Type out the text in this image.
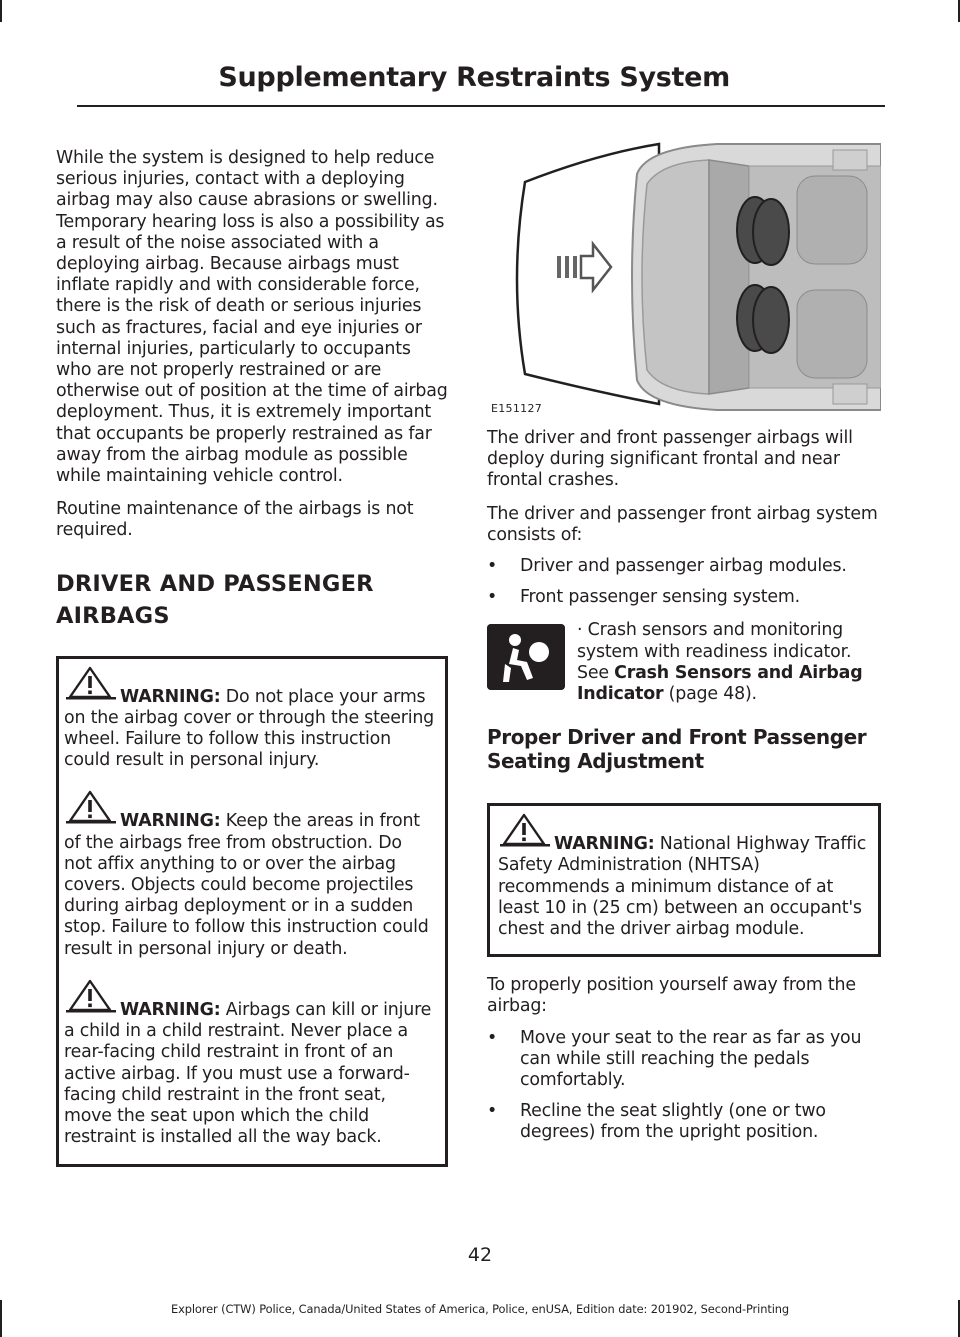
Supplementary Restraints System

While the system is designed to help reduce serious injuries, contact with a deploying airbag may also cause abrasions or swelling. Temporary hearing loss is also a possibility as a result of the noise associated with a deploying airbag. Because airbags must inflate rapidly and with considerable force, there is the risk of death or serious injuries such as fractures, facial and eye injuries or internal injuries, particularly to occupants who are not properly restrained or are otherwise out of position at the time of airbag deployment. Thus, it is extremely important that occupants be properly restrained as far away from the airbag module as possible while maintaining vehicle control.

Routine maintenance of the airbags is not required.

DRIVER AND PASSENGER
AIRBAGS

WARNING: Do not place your arms on the airbag cover or through the steering wheel. Failure to follow this instruction could result in personal injury.

WARNING: Keep the areas in front of the airbags free from obstruction. Do not affix anything to or over the airbag covers. Objects could become projectiles during airbag deployment or in a sudden stop. Failure to follow this instruction could result in personal injury or death.

WARNING: Airbags can kill or injure a child in a child restraint. Never place a rear-facing child restraint in front of an active airbag. If you must use a forward-facing child restraint in the front seat, move the seat upon which the child restraint is installed all the way back.

E151127

The driver and front passenger airbags will deploy during significant frontal and near frontal crashes.

The driver and passenger front airbag system consists of:

• Driver and passenger airbag modules.
• Front passenger sensing system.

· Crash sensors and monitoring system with readiness indicator. See Crash Sensors and Airbag Indicator (page 48).

Proper Driver and Front Passenger Seating Adjustment

WARNING: National Highway Traffic Safety Administration (NHTSA) recommends a minimum distance of at least 10 in (25 cm) between an occupant's chest and the driver airbag module.

To properly position yourself away from the airbag:

• Move your seat to the rear as far as you can while still reaching the pedals comfortably.
• Recline the seat slightly (one or two degrees) from the upright position.
42
Explorer (CTW) Police, Canada/United States of America, Police, enUSA, Edition date: 201902, Second-Printing
